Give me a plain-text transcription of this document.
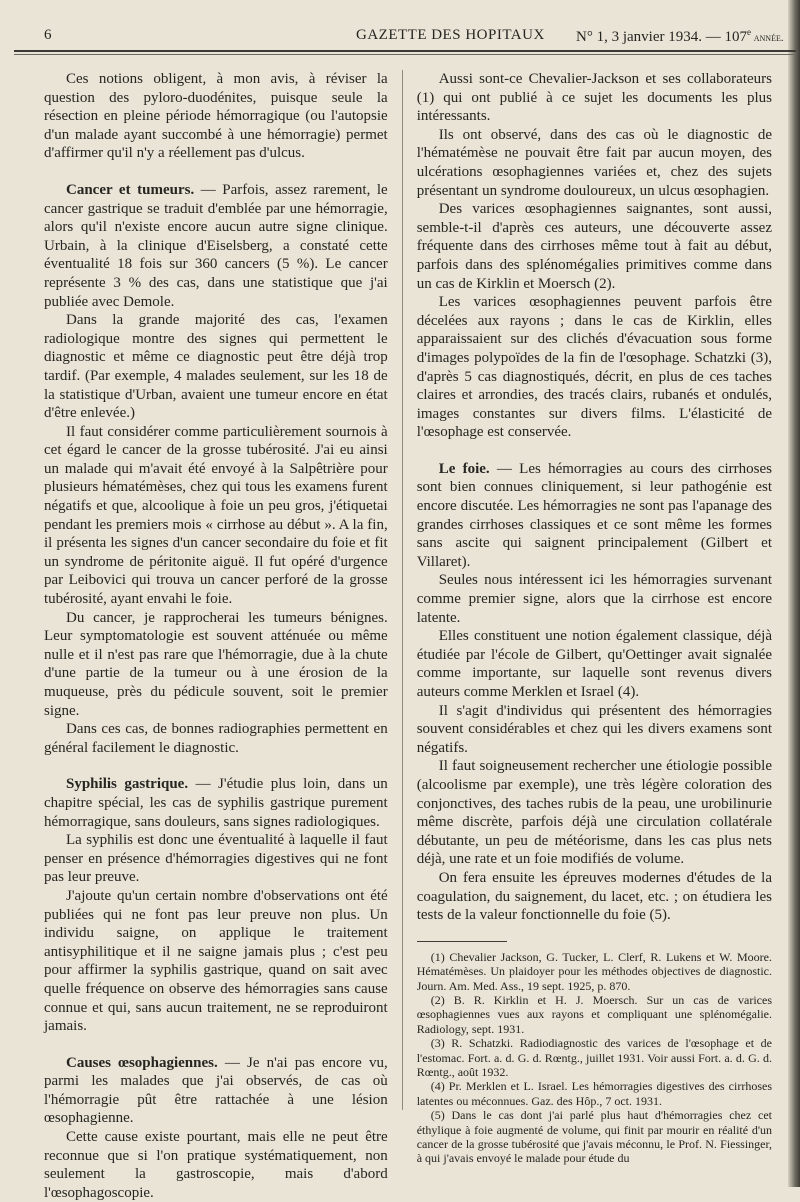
6	GAZETTE DES HOPITAUX N° 1, 3 janvier 1934. — 107e année.

Ces notions obligent, à mon avis, à réviser la question des pyloro-duodénites, puisque seule la résection en pleine période hémorragique (ou l'autopsie d'un malade ayant succombé à une hémorragie) permet d'affirmer qu'il n'y a réellement pas d'ulcus.

Cancer et tumeurs. — Parfois, assez rarement, le cancer gastrique se traduit d'emblée par une hémorragie, alors qu'il n'existe encore aucun autre signe clinique. Urbain, à la clinique d'Eiselsberg, a constaté cette éventualité 18 fois sur 360 cancers (5 %). Le cancer représente 3 % des cas, dans une statistique que j'ai publiée avec Demole.

Dans la grande majorité des cas, l'examen radiologique montre des signes qui permettent le diagnostic et même ce diagnostic peut être déjà trop tardif. (Par exemple, 4 malades seulement, sur les 18 de la statistique d'Urban, avaient une tumeur encore en état d'être enlevée.)

Il faut considérer comme particulièrement sournois à cet égard le cancer de la grosse tubérosité. J'ai eu ainsi un malade qui m'avait été envoyé à la Salpêtrière pour plusieurs hématémèses, chez qui tous les examens furent négatifs et que, alcoolique à foie un peu gros, j'étiquetai pendant les premiers mois « cirrhose au début ». A la fin, il présenta les signes d'un cancer secondaire du foie et fit un syndrome de péritonite aiguë. Il fut opéré d'urgence par Leibovici qui trouva un cancer perforé de la grosse tubérosité, ayant envahi le foie.

Du cancer, je rapprocherai les tumeurs bénignes. Leur symptomatologie est souvent atténuée ou même nulle et il n'est pas rare que l'hémorragie, due à la chute d'une partie de la tumeur ou à une érosion de la muqueuse, près du pédicule souvent, soit le premier signe.

Dans ces cas, de bonnes radiographies permettent en général facilement le diagnostic.

Syphilis gastrique. — J'étudie plus loin, dans un chapitre spécial, les cas de syphilis gastrique purement hémorragique, sans douleurs, sans signes radiologiques.

La syphilis est donc une éventualité à laquelle il faut penser en présence d'hémorragies digestives qui ne font pas leur preuve.

J'ajoute qu'un certain nombre d'observations ont été publiées qui ne font pas leur preuve non plus. Un individu saigne, on applique le traitement antisyphilitique et il ne saigne jamais plus ; c'est peu pour affirmer la syphilis gastrique, quand on sait avec quelle fréquence on observe des hémorragies sans cause connue et qui, sans aucun traitement, ne se reproduiront jamais.

Causes œsophagiennes. — Je n'ai pas encore vu, parmi les malades que j'ai observés, de cas où l'hémorragie pût être rattachée à une lésion œsophagienne.

Cette cause existe pourtant, mais elle ne peut être reconnue que si l'on pratique systématiquement, non seulement la gastroscopie, mais d'abord l'œsophagoscopie.

Aussi sont-ce Chevalier-Jackson et ses collaborateurs (1) qui ont publié à ce sujet les documents les plus intéressants.

Ils ont observé, dans des cas où le diagnostic de l'hématémèse ne pouvait être fait par aucun moyen, des ulcérations œsophagiennes variées et, chez des sujets présentant un syndrome douloureux, un ulcus œsophagien.

Des varices œsophagiennes saignantes, sont aussi, semble-t-il d'après ces auteurs, une découverte assez fréquente dans des cirrhoses même tout à fait au début, parfois dans des splénomégalies primitives comme dans un cas de Kirklin et Moersch (2).

Les varices œsophagiennes peuvent parfois être décelées aux rayons ; dans le cas de Kirklin, elles apparaissaient sur des clichés d'évacuation sous forme d'images polypoïdes de la fin de l'œsophage. Schatzki (3), d'après 5 cas diagnostiqués, décrit, en plus de ces taches claires et arrondies, des tracés clairs, rubanés et ondulés, images constantes sur divers films. L'élasticité de l'œsophage est conservée.

Le foie. — Les hémorragies au cours des cirrhoses sont bien connues cliniquement, si leur pathogénie est encore discutée. Les hémorragies ne sont pas l'apanage des grandes cirrhoses classiques et ce sont même les formes sans ascite qui saignent principalement (Gilbert et Villaret).

Seules nous intéressent ici les hémorragies survenant comme premier signe, alors que la cirrhose est encore latente.

Elles constituent une notion également classique, déjà étudiée par l'école de Gilbert, qu'Oettinger avait signalée comme importante, sur laquelle sont revenus divers auteurs comme Merklen et Israel (4).

Il s'agit d'individus qui présentent des hémorragies souvent considérables et chez qui les divers examens sont négatifs.

Il faut soigneusement rechercher une étiologie possible (alcoolisme par exemple), une très légère coloration des conjonctives, des taches rubis de la peau, une urobilinurie même discrète, parfois déjà une circulation collatérale débutante, un peu de météorisme, dans les cas plus nets déjà, une rate et un foie modifiés de volume.

On fera ensuite les épreuves modernes d'études de la coagulation, du saignement, du lacet, etc. ; on étudiera les tests de la valeur fonctionnelle du foie (5).

(1) Chevalier Jackson, G. Tucker, L. Clerf, R. Lukens et W. Moore. Hématémèses. Un plaidoyer pour les méthodes objectives de diagnostic. Journ. Am. Med. Ass., 19 sept. 1925, p. 870.

(2) B. R. Kirklin et H. J. Moersch. Sur un cas de varices œsophagiennes vues aux rayons et compliquant une splénomégalie. Radiology, sept. 1931.

(3) R. Schatzki. Radiodiagnostic des varices de l'œsophage et de l'estomac. Fort. a. d. G. d. Rœntg., juillet 1931. Voir aussi Fort. a. d. G. d. Rœntg., août 1932.

(4) Pr. Merklen et L. Israel. Les hémorragies digestives des cirrhoses latentes ou méconnues. Gaz. des Hôp., 7 oct. 1931.

(5) Dans le cas dont j'ai parlé plus haut d'hémorragies chez cet éthylique à foie augmenté de volume, qui finit par mourir en réalité d'un cancer de la grosse tubérosité que j'avais méconnu, le Prof. N. Fiessinger, à qui j'avais envoyé le malade pour étude du
